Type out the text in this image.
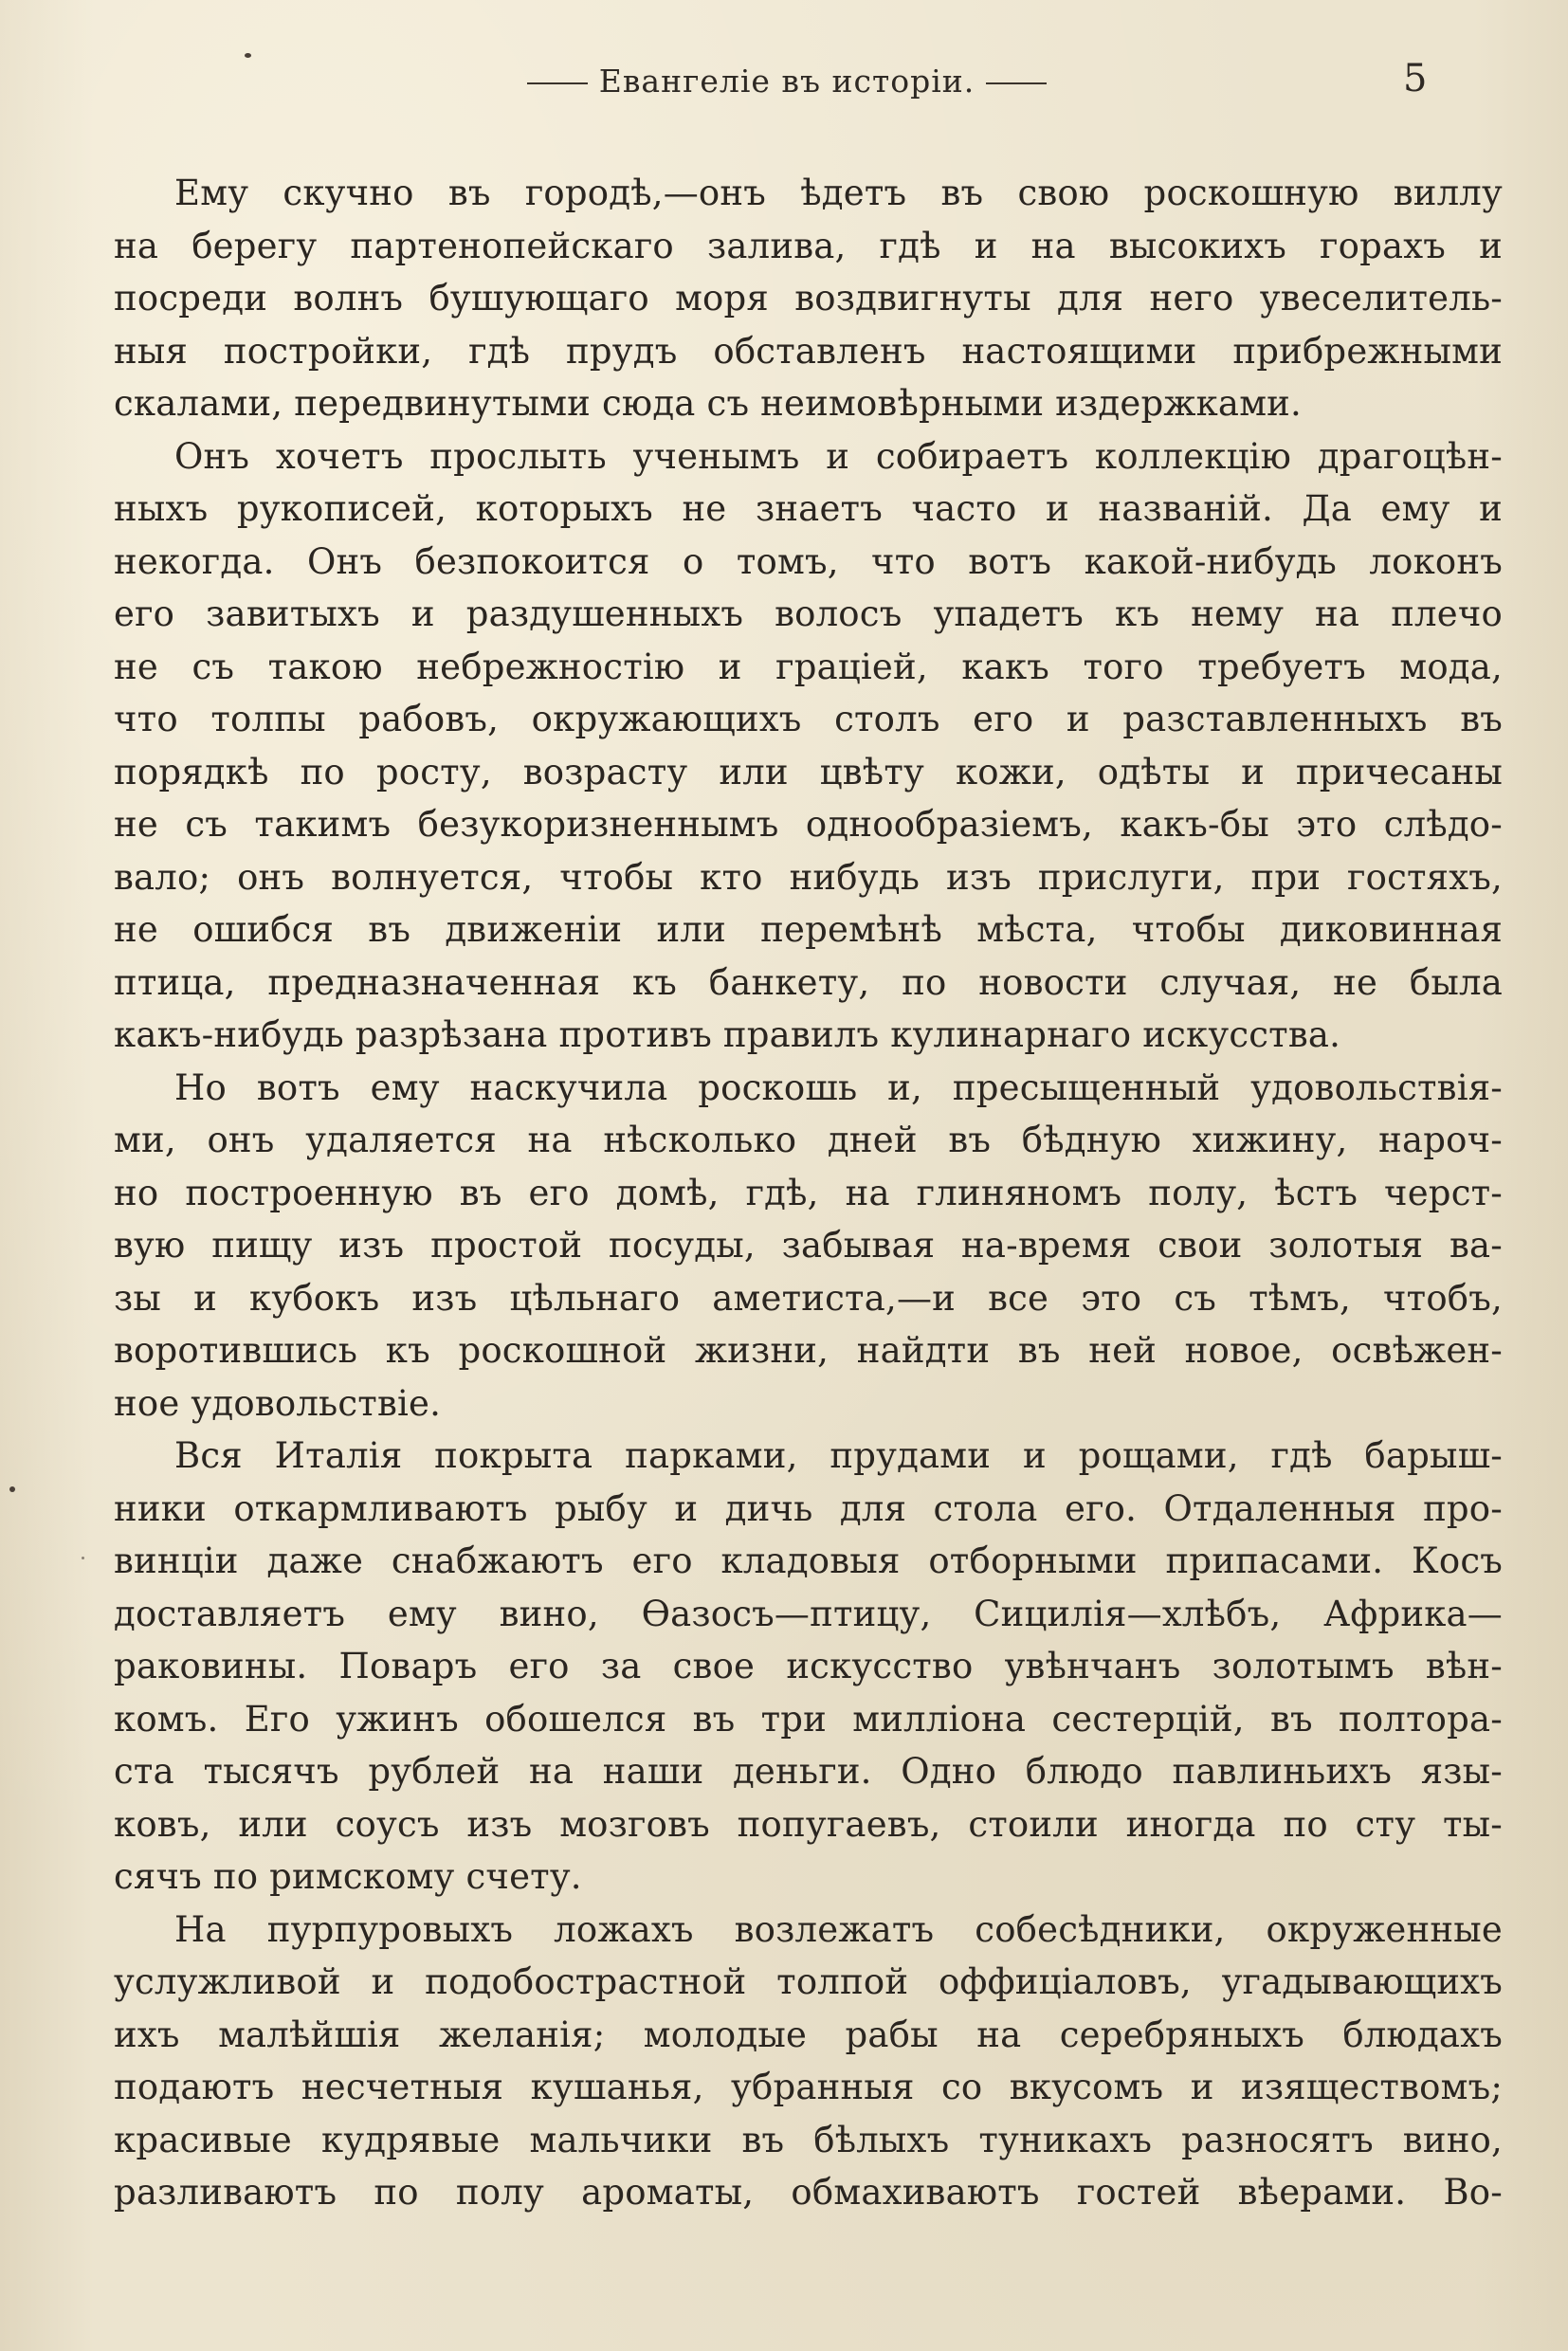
Евангеліе въ исторіи.	5
Ему скучно въ городѣ,—онъ ѣдетъ въ свою роскошную виллу
на берегу партенопейскаго залива, гдѣ и на высокихъ горахъ и
посреди волнъ бушующаго моря воздвигнуты для него увеселитель-
ныя постройки, гдѣ прудъ обставленъ настоящими прибрежными
скалами, передвинутыми сюда съ неимовѣрными издержками.
Онъ хочетъ прослыть ученымъ и собираетъ коллекцію драгоцѣн-
ныхъ рукописей, которыхъ не знаетъ часто и названій. Да ему и
некогда. Онъ безпокоится о томъ, что вотъ какой-нибудь локонъ
его завитыхъ и раздушенныхъ волосъ упадетъ къ нему на плечо
не съ такою небрежностію и граціей, какъ того требуетъ мода,
что толпы рабовъ, окружающихъ столъ его и разставленныхъ въ
порядкѣ по росту, возрасту или цвѣту кожи, одѣты и причесаны
не съ такимъ безукоризненнымъ однообразіемъ, какъ-бы это слѣдо-
вало; онъ волнуется, чтобы кто нибудь изъ прислуги, при гостяхъ,
не ошибся въ движеніи или перемѣнѣ мѣста, чтобы диковинная
птица, предназначенная къ банкету, по новости случая, не была
какъ-нибудь разрѣзана противъ правилъ кулинарнаго искусства.
Но вотъ ему наскучила роскошь и, пресыщенный удовольствія-
ми, онъ удаляется на нѣсколько дней въ бѣдную хижину, нароч-
но построенную въ его домѣ, гдѣ, на глиняномъ полу, ѣстъ черст-
вую пищу изъ простой посуды, забывая на-время свои золотыя ва-
зы и кубокъ изъ цѣльнаго аметиста,—и все это съ тѣмъ, чтобъ,
воротившись къ роскошной жизни, найдти въ ней новое, освѣжен-
ное удовольствіе.
Вся Италія покрыта парками, прудами и рощами, гдѣ барыш-
ники откармливаютъ рыбу и дичь для стола его. Отдаленныя про-
винціи даже снабжаютъ его кладовыя отборными припасами. Косъ
доставляетъ ему вино, Ѳазосъ—птицу, Сицилія—хлѣбъ, Африка—
раковины. Поваръ его за свое искусство увѣнчанъ золотымъ вѣн-
комъ. Его ужинъ обошелся въ три милліона сестерцій, въ полтора-
ста тысячъ рублей на наши деньги. Одно блюдо павлиньихъ язы-
ковъ, или соусъ изъ мозговъ попугаевъ, стоили иногда по сту ты-
сячъ по римскому счету.
На пурпуровыхъ ложахъ возлежатъ собесѣдники, окруженные
услужливой и подобострастной толпой оффиціаловъ, угадывающихъ
ихъ малѣйшія желанія; молодые рабы на серебряныхъ блюдахъ
подаютъ несчетныя кушанья, убранныя со вкусомъ и изяществомъ;
красивые кудрявые мальчики въ бѣлыхъ туникахъ разносятъ вино,
разливаютъ по полу ароматы, обмахиваютъ гостей вѣерами. Во-
